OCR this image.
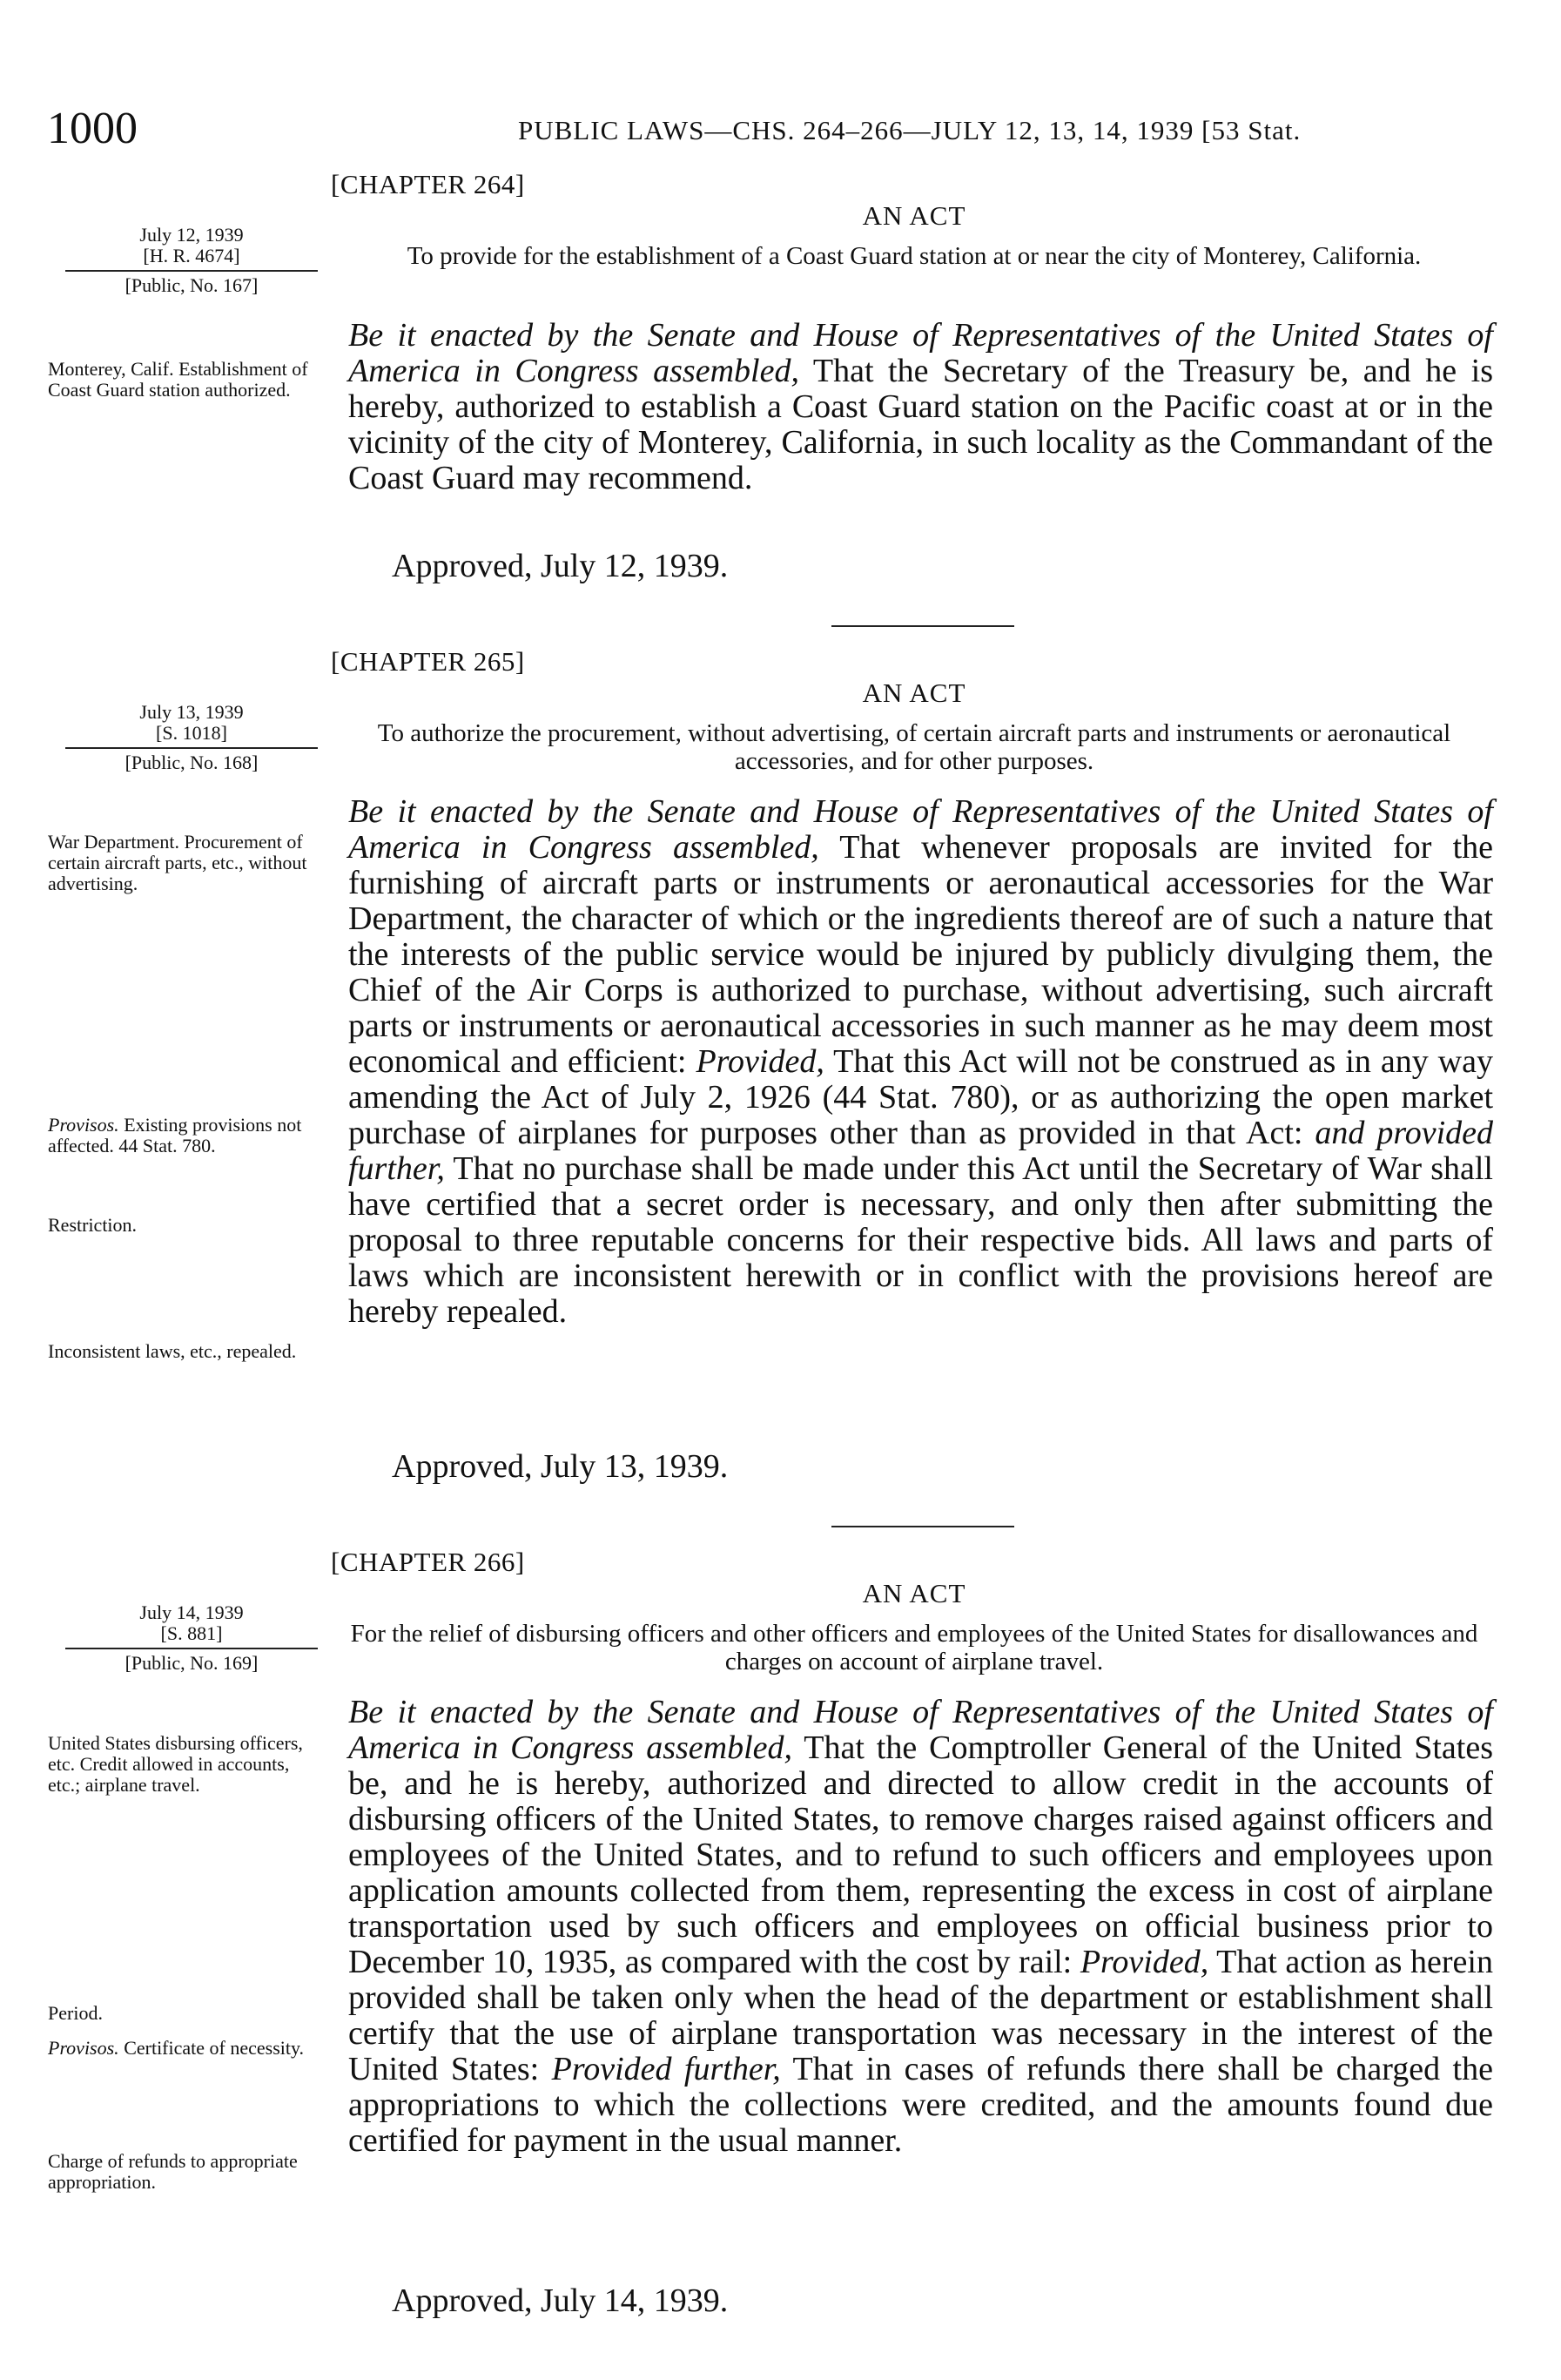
1000	PUBLIC LAWS—CHS. 264–266—JULY 12, 13, 14, 1939 [53 Stat.
[CHAPTER 264]
AN ACT
July 12, 1939
[H. R. 4674]
[Public, No. 167]
To provide for the establishment of a Coast Guard station at or near the city of Monterey, California.
Monterey, Calif. Establishment of Coast Guard station authorized.
Be it enacted by the Senate and House of Representatives of the United States of America in Congress assembled, That the Secretary of the Treasury be, and he is hereby, authorized to establish a Coast Guard station on the Pacific coast at or in the vicinity of the city of Monterey, California, in such locality as the Commandant of the Coast Guard may recommend.
Approved, July 12, 1939.
[CHAPTER 265]
AN ACT
July 13, 1939
[S. 1018]
[Public, No. 168]
To authorize the procurement, without advertising, of certain aircraft parts and instruments or aeronautical accessories, and for other purposes.
War Department. Procurement of certain aircraft parts, etc., without advertising.
Provisos. Existing provisions not affected. 44 Stat. 780.
Restriction.
Inconsistent laws, etc., repealed.
Be it enacted by the Senate and House of Representatives of the United States of America in Congress assembled, That whenever proposals are invited for the furnishing of aircraft parts or instruments or aeronautical accessories for the War Department, the character of which or the ingredients thereof are of such a nature that the interests of the public service would be injured by publicly divulging them, the Chief of the Air Corps is authorized to purchase, without advertising, such aircraft parts or instruments or aeronautical accessories in such manner as he may deem most economical and efficient: Provided, That this Act will not be construed as in any way amending the Act of July 2, 1926 (44 Stat. 780), or as authorizing the open market purchase of airplanes for purposes other than as provided in that Act: and provided further, That no purchase shall be made under this Act until the Secretary of War shall have certified that a secret order is necessary, and only then after submitting the proposal to three reputable concerns for their respective bids. All laws and parts of laws which are inconsistent herewith or in conflict with the provisions hereof are hereby repealed.
Approved, July 13, 1939.
[CHAPTER 266]
AN ACT
July 14, 1939
[S. 881]
[Public, No. 169]
For the relief of disbursing officers and other officers and employees of the United States for disallowances and charges on account of airplane travel.
United States disbursing officers, etc. Credit allowed in accounts, etc.; airplane travel.
Period.
Provisos. Certificate of necessity.
Charge of refunds to appropriate appropriation.
Be it enacted by the Senate and House of Representatives of the United States of America in Congress assembled, That the Comptroller General of the United States be, and he is hereby, authorized and directed to allow credit in the accounts of disbursing officers of the United States, to remove charges raised against officers and employees of the United States, and to refund to such officers and employees upon application amounts collected from them, representing the excess in cost of airplane transportation used by such officers and employees on official business prior to December 10, 1935, as compared with the cost by rail: Provided, That action as herein provided shall be taken only when the head of the department or establishment shall certify that the use of airplane transportation was necessary in the interest of the United States: Provided further, That in cases of refunds there shall be charged the appropriations to which the collections were credited, and the amounts found due certified for payment in the usual manner.
Approved, July 14, 1939.
